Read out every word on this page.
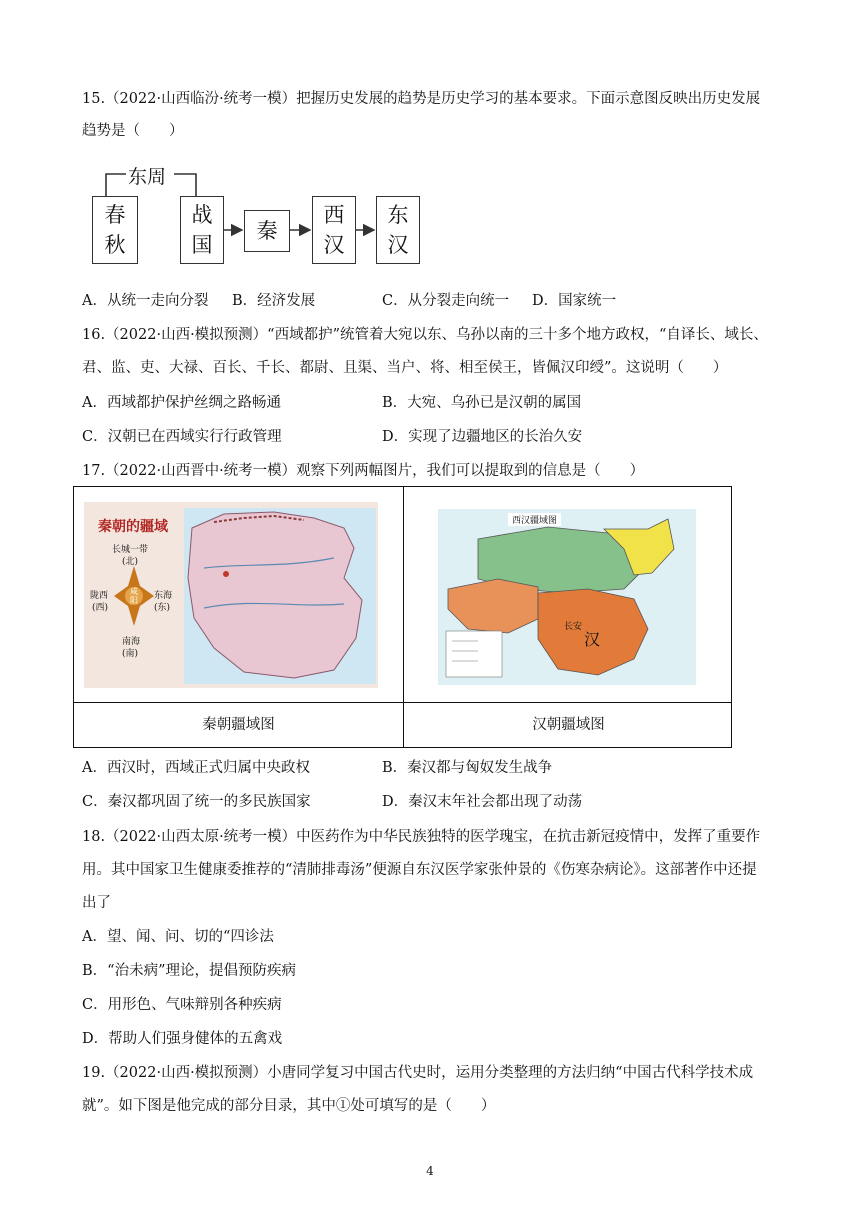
15.（2022·山西临汾·统考一模）把握历史发展的趋势是历史学习的基本要求。下面示意图反映出历史发展
趋势是（　　）
东周
春
秋
战
国
秦
西
汉
东
汉
A．从统一走向分裂 B．经济发展	C．从分裂走向统一 D．国家统一
16.（2022·山西·模拟预测）“西域都护”统管着大宛以东、乌孙以南的三十多个地方政权，“自译长、域长、
君、监、吏、大禄、百长、千长、都尉、且渠、当户、将、相至侯王，皆佩汉印绶”。这说明（　　）
A．西域都护保护丝绸之路畅通	B．大宛、乌孙已是汉朝的属国
C．汉朝已在西域实行行政管理	D．实现了边疆地区的长治久安
17.（2022·山西晋中·统考一模）观察下列两幅图片，我们可以提取到的信息是（　　）
秦朝的疆域
长城一带
(北)
陇西
(西)
东海
(东)
南海
(南)
咸阳
西汉疆域图
长安
汉
秦朝疆域图	汉朝疆域图
A．西汉时，西域正式归属中央政权	B．秦汉都与匈奴发生战争
C．秦汉都巩固了统一的多民族国家	D．秦汉末年社会都出现了动荡
18.（2022·山西太原·统考一模）中医药作为中华民族独特的医学瑰宝，在抗击新冠疫情中，发挥了重要作
用。其中国家卫生健康委推荐的“清肺排毒汤”便源自东汉医学家张仲景的《伤寒杂病论》。这部著作中还提
出了
A．望、闻、问、切的“四诊法
B．“治未病”理论，提倡预防疾病
C．用形色、气味辩别各种疾病
D．帮助人们强身健体的五禽戏
19.（2022·山西·模拟预测）小唐同学复习中国古代史时，运用分类整理的方法归纳“中国古代科学技术成
就”。如下图是他完成的部分目录，其中①处可填写的是（　　）
4
